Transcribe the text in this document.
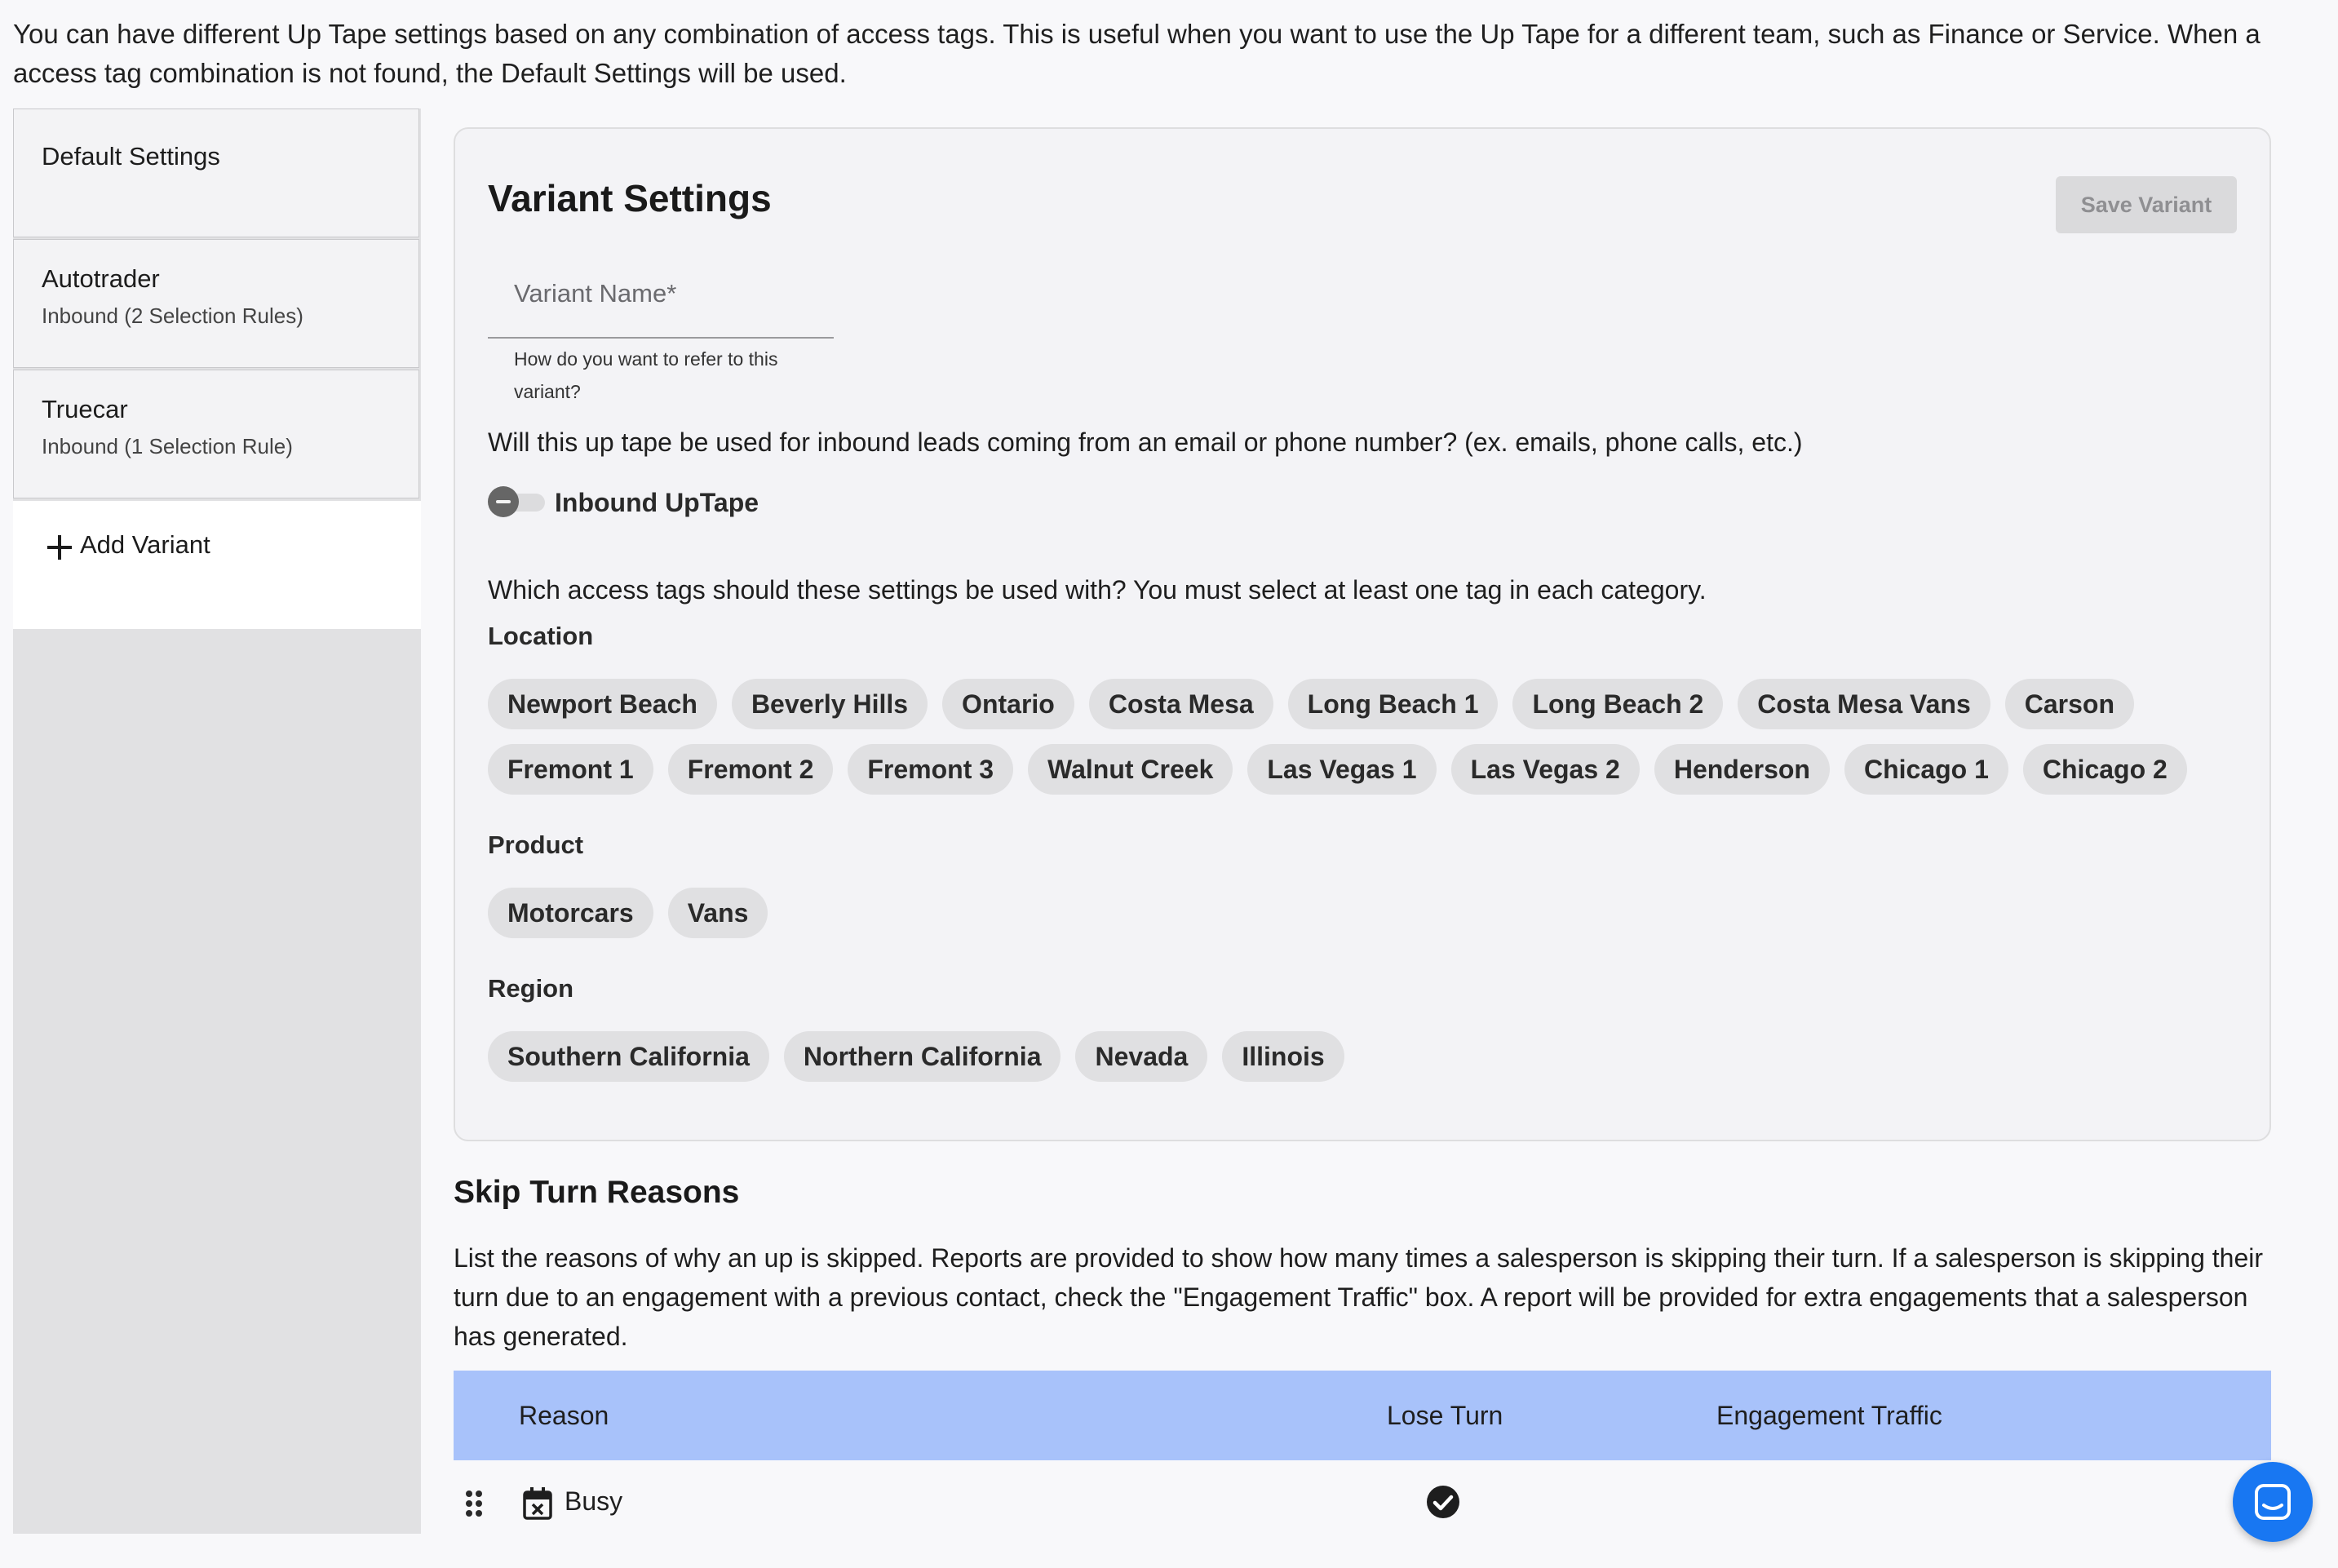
You can have different Up Tape settings based on any combination of access tags. This is useful when you want to use the Up Tape for a different team, such as Finance or Service. When a access tag combination is not found, the Default Settings will be used.
Default Settings
Autotrader
Inbound (2 Selection Rules)
Truecar
Inbound (1 Selection Rule)
Add Variant
Variant Settings	Save Variant
Variant Name*
How do you want to refer to this variant?
Will this up tape be used for inbound leads coming from an email or phone number? (ex. emails, phone calls, etc.)
Inbound UpTape
Which access tags should these settings be used with? You must select at least one tag in each category.
Location
Newport Beach	Beverly Hills	Ontario	Costa Mesa	Long Beach 1	Long Beach 2	Costa Mesa Vans	Carson
Fremont 1	Fremont 2	Fremont 3	Walnut Creek	Las Vegas 1	Las Vegas 2	Henderson	Chicago 1	Chicago 2
Product
Motorcars	Vans
Region
Southern California	Northern California	Nevada	Illinois
Skip Turn Reasons
List the reasons of why an up is skipped. Reports are provided to show how many times a salesperson is skipping their turn. If a salesperson is skipping their turn due to an engagement with a previous contact, check the "Engagement Traffic" box. A report will be provided for extra engagements that a salesperson has generated.
Reason	Lose Turn	Engagement Traffic
Busy
